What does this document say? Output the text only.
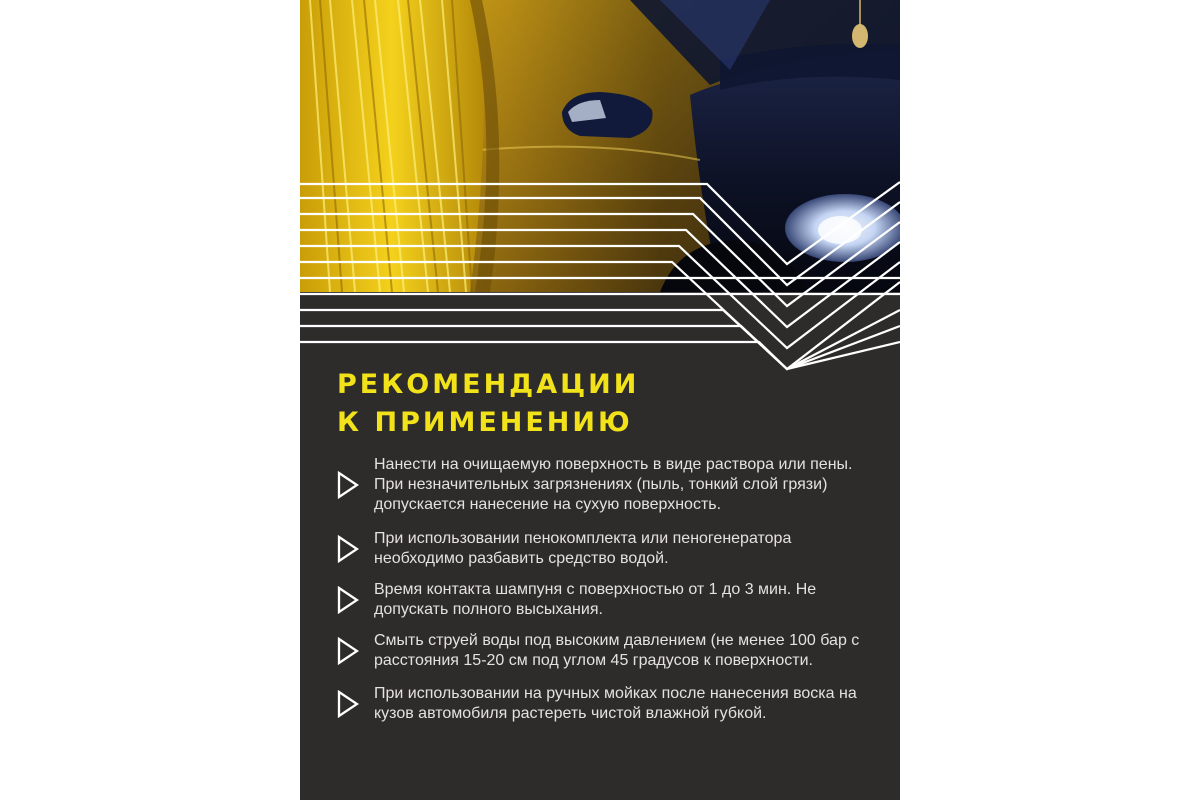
РЕКОМЕНДАЦИИ
К ПРИМЕНЕНИЮ
Нанести на очищаемую поверхность в виде раствора или пены. При незначительных загрязнениях (пыль, тонкий слой грязи) допускается нанесение на сухую поверхность.
При использовании пенокомплекта или пеногенератора необходимо разбавить средство водой.
Время контакта шампуня с поверхностью от 1 до 3 мин. Не допускать полного высыхания.
Смыть струей воды под высоким давлением (не менее 100 бар с расстояния 15-20 см под углом 45 градусов к поверхности.
При использовании на ручных мойках после нанесения воска на кузов автомобиля растереть чистой влажной губкой.
